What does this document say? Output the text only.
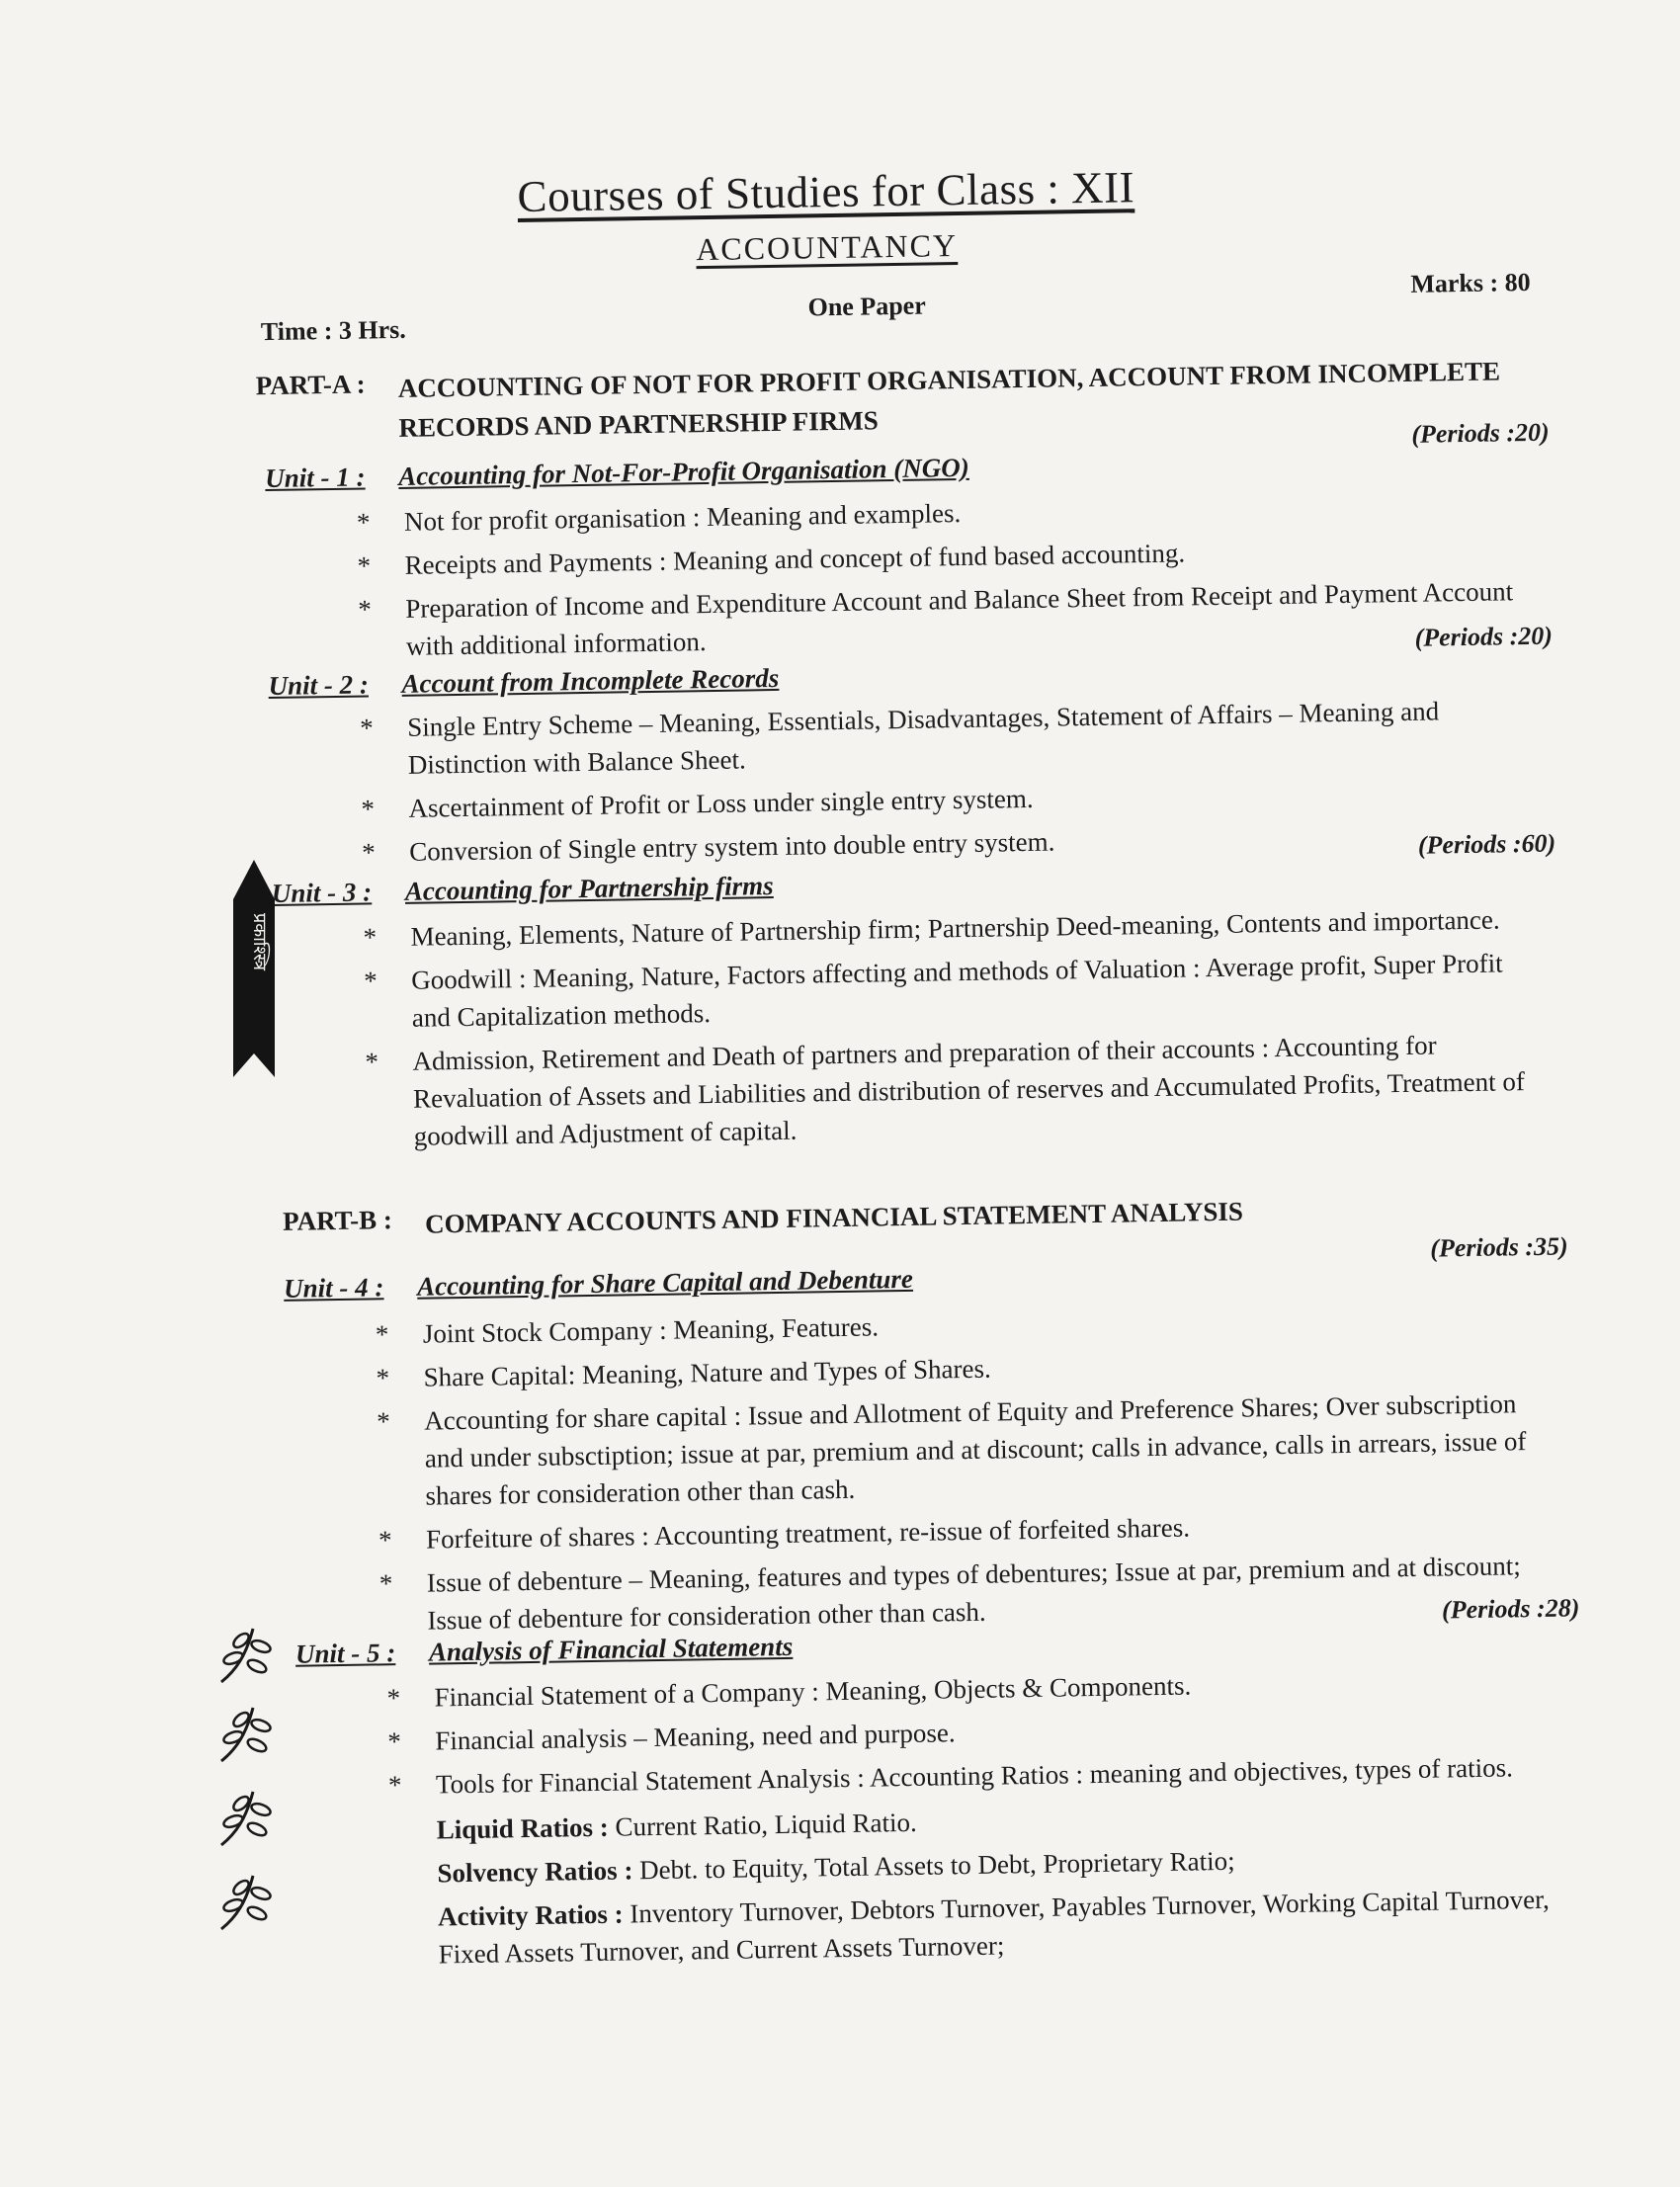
Courses of Studies for Class : XII
ACCOUNTANCY
Time : 3 Hrs.
One Paper
Marks : 80
PART-A :	ACCOUNTING OF NOT FOR PROFIT ORGANISATION, ACCOUNT FROM INCOMPLETE RECORDS AND PARTNERSHIP FIRMS
Unit - 1 : Accounting for Not-For-Profit Organisation (NGO)
(Periods :20)
* Not for profit organisation : Meaning and examples.
* Receipts and Payments : Meaning and concept of fund based accounting.
* Preparation of Income and Expenditure Account and Balance Sheet from Receipt and Payment Account with additional information.
Unit - 2 : Account from Incomplete Records
(Periods :20)
* Single Entry Scheme – Meaning, Essentials, Disadvantages, Statement of Affairs – Meaning and Distinction with Balance Sheet.
* Ascertainment of Profit or Loss under single entry system.
* Conversion of Single entry system into double entry system.
Unit - 3 : Accounting for Partnership firms
(Periods :60)
* Meaning, Elements, Nature of Partnership firm; Partnership Deed-meaning, Contents and importance.
* Goodwill : Meaning, Nature, Factors affecting and methods of Valuation : Average profit, Super Profit and Capitalization methods.
* Admission, Retirement and Death of partners and preparation of their accounts : Accounting for Revaluation of Assets and Liabilities and distribution of reserves and Accumulated Profits, Treatment of goodwill and Adjustment of capital.
PART-B :	COMPANY ACCOUNTS AND FINANCIAL STATEMENT ANALYSIS
Unit - 4 : Accounting for Share Capital and Debenture
(Periods :35)
* Joint Stock Company : Meaning, Features.
* Share Capital: Meaning, Nature and Types of Shares.
* Accounting for share capital : Issue and Allotment of Equity and Preference Shares; Over subscription and under subsctiption; issue at par, premium and at discount; calls in advance, calls in arrears, issue of shares for consideration other than cash.
* Forfeiture of shares : Accounting treatment, re-issue of forfeited shares.
* Issue of debenture – Meaning, features and types of debentures; Issue at par, premium and at discount; Issue of debenture for consideration other than cash.
Unit - 5 : Analysis of Financial Statements
(Periods :28)
* Financial Statement of a Company : Meaning, Objects & Components.
* Financial analysis – Meaning, need and purpose.
* Tools for Financial Statement Analysis : Accounting Ratios : meaning and objectives, types of ratios.
Liquid Ratios : Current Ratio, Liquid Ratio.
Solvency Ratios : Debt. to Equity, Total Assets to Debt, Proprietary Ratio;
Activity Ratios : Inventory Turnover, Debtors Turnover, Payables Turnover, Working Capital Turnover, Fixed Assets Turnover, and Current Assets Turnover;
प्रकाश्स्त्रि
